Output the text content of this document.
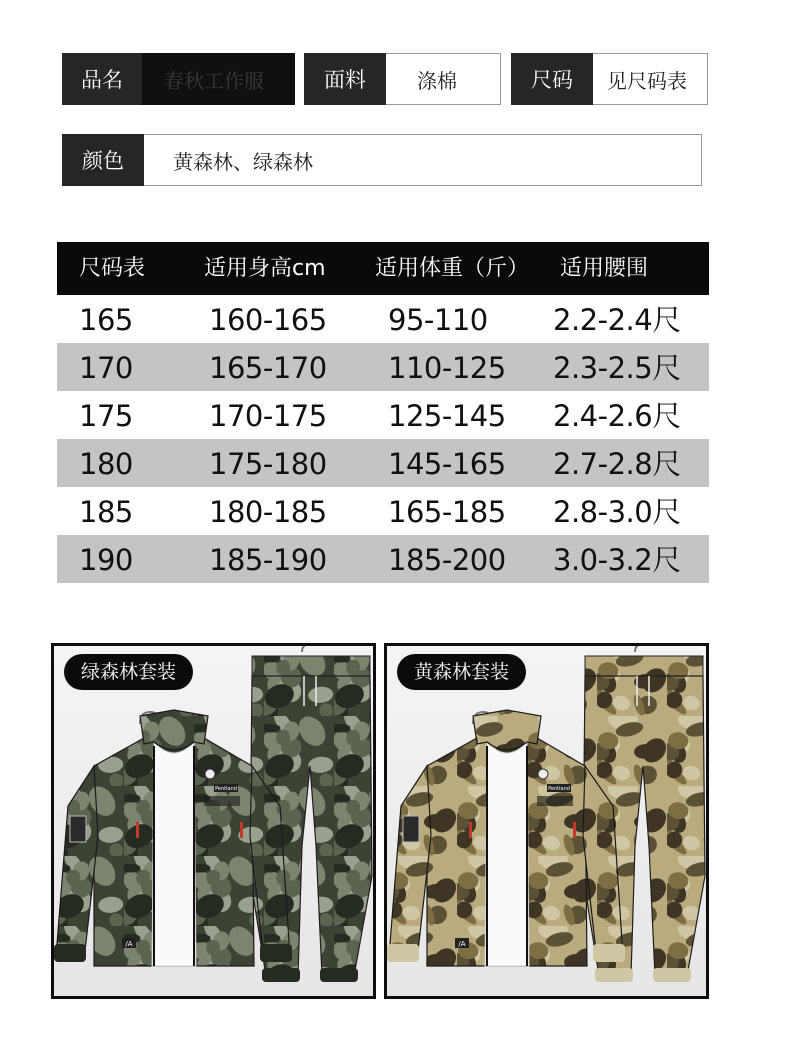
品名	春秋工作服	面料	涤棉	尺码	见尺码表
颜色	黄森林、绿森林
尺码表	适用身高cm 适用体重（斤） 适用腰围
165	160-165 95-110 2.2-2.4尺
170	165-170 110-125 2.3-2.5尺
175	170-175 125-145 2.4-2.6尺
180	175-180 145-165 2.7-2.8尺
185	180-185 165-185 2.8-3.0尺
190	185-190 185-200 3.0-3.2尺
绿森林套装
Pentland
/A
黄森林套装
Pentland
/A
